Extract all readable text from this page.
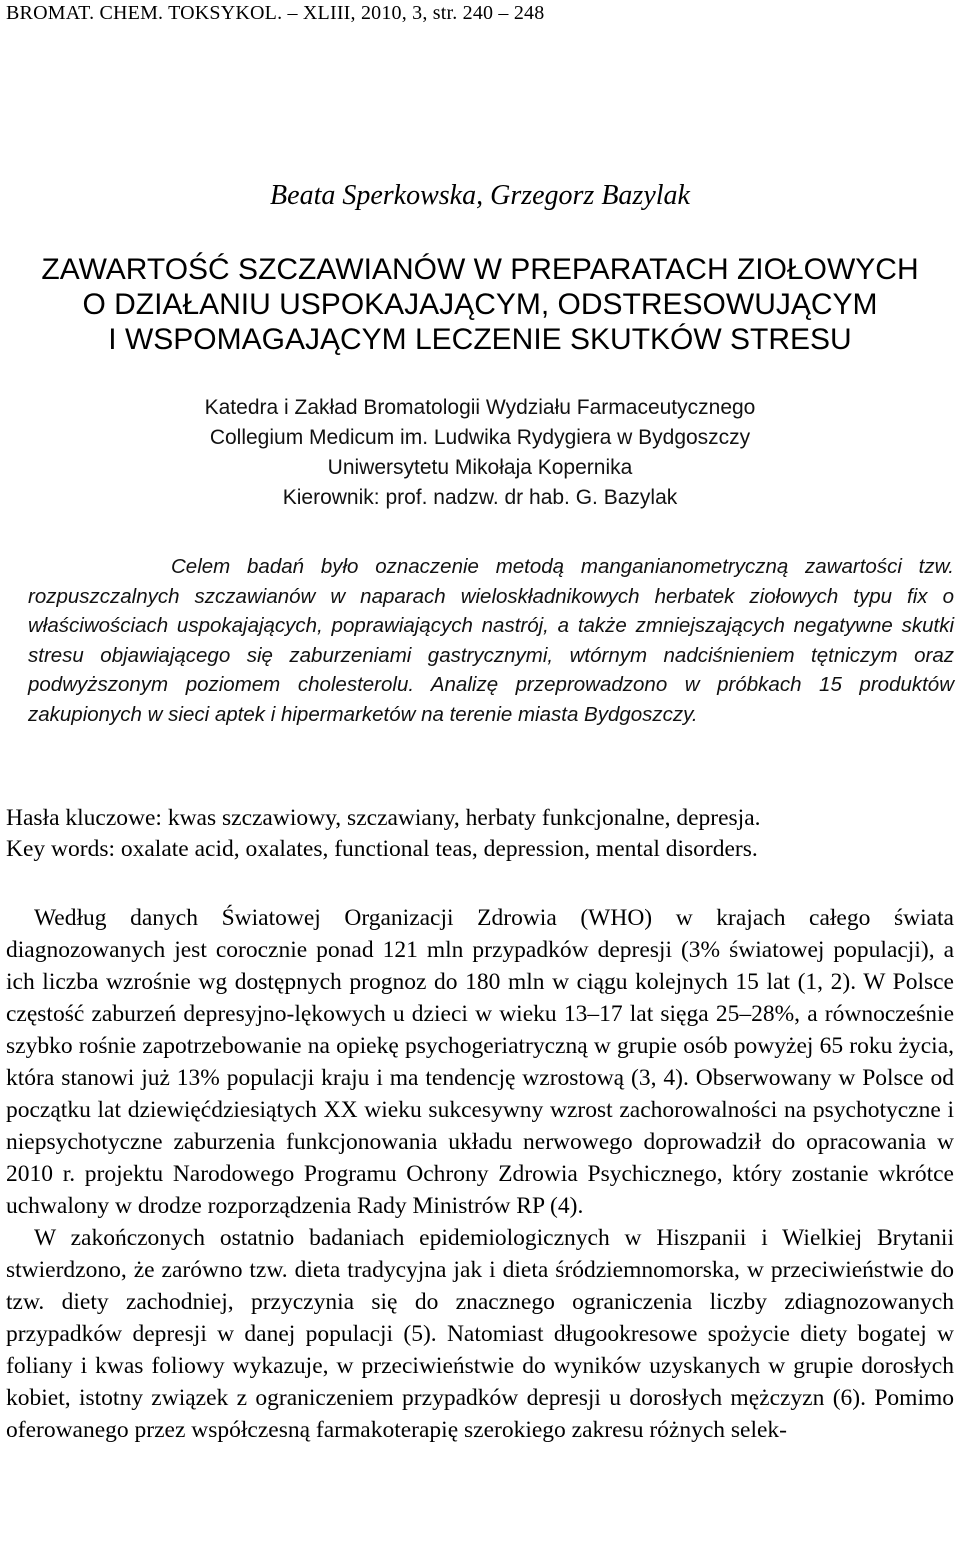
BROMAT. CHEM. TOKSYKOL. – XLIII, 2010, 3, str. 240 – 248
Beata Sperkowska, Grzegorz Bazylak
ZAWARTOŚĆ SZCZAWIANÓW W PREPARATACH ZIOŁOWYCH
O DZIAŁANIU USPOKAJAJĄCYM, ODSTRESOWUJĄCYM
I WSPOMAGAJĄCYM LECZENIE SKUTKÓW STRESU
Katedra i Zakład Bromatologii Wydziału Farmaceutycznego
Collegium Medicum im. Ludwika Rydygiera w Bydgoszczy
Uniwersytetu Mikołaja Kopernika
Kierownik: prof. nadzw. dr hab. G. Bazylak
Celem badań było oznaczenie metodą manganianometryczną zawartości tzw. rozpuszczalnych szczawianów w naparach wieloskładnikowych herbatek ziołowych typu fix o właściwościach uspokajających, poprawiających nastrój, a także zmniejszających negatywne skutki stresu objawiającego się zaburzeniami gastrycznymi, wtórnym nadciśnieniem tętniczym oraz podwyższonym poziomem cholesterolu. Analizę przeprowadzono w próbkach 15 produktów zakupionych w sieci aptek i hipermarketów na terenie miasta Bydgoszczy.
Hasła kluczowe: kwas szczawiowy, szczawiany, herbaty funkcjonalne, depresja.
Key words: oxalate acid, oxalates, functional teas, depression, mental disorders.

Według danych Światowej Organizacji Zdrowia (WHO) w krajach całego świata diagnozowanych jest corocznie ponad 121 mln przypadków depresji (3% światowej populacji), a ich liczba wzrośnie wg dostępnych prognoz do 180 mln w ciągu kolejnych 15 lat (1, 2). W Polsce częstość zaburzeń depresyjno-lękowych u dzieci w wieku 13–17 lat sięga 25–28%, a równocześnie szybko rośnie zapotrzebowanie na opiekę psychogeriatryczną w grupie osób powyżej 65 roku życia, która stanowi już 13% populacji kraju i ma tendencję wzrostową (3, 4). Obserwowany w Polsce od początku lat dziewięćdziesiątych XX wieku sukcesywny wzrost zachorowalności na psychotyczne i niepsychotyczne zaburzenia funkcjonowania układu nerwowego doprowadził do opracowania w 2010 r. projektu Narodowego Programu Ochrony Zdrowia Psychicznego, który zostanie wkrótce uchwalony w drodze rozporządzenia Rady Ministrów RP (4).

W zakończonych ostatnio badaniach epidemiologicznych w Hiszpanii i Wielkiej Brytanii stwierdzono, że zarówno tzw. dieta tradycyjna jak i dieta śródziemnomorska, w przeciwieństwie do tzw. diety zachodniej, przyczynia się do znacznego ograniczenia liczby zdiagnozowanych przypadków depresji w danej populacji (5). Natomiast długookresowe spożycie diety bogatej w foliany i kwas foliowy wykazuje, w przeciwieństwie do wyników uzyskanych w grupie dorosłych kobiet, istotny związek z ograniczeniem przypadków depresji u dorosłych mężczyzn (6). Pomimo oferowanego przez współczesną farmakoterapię szerokiego zakresu różnych selek-
